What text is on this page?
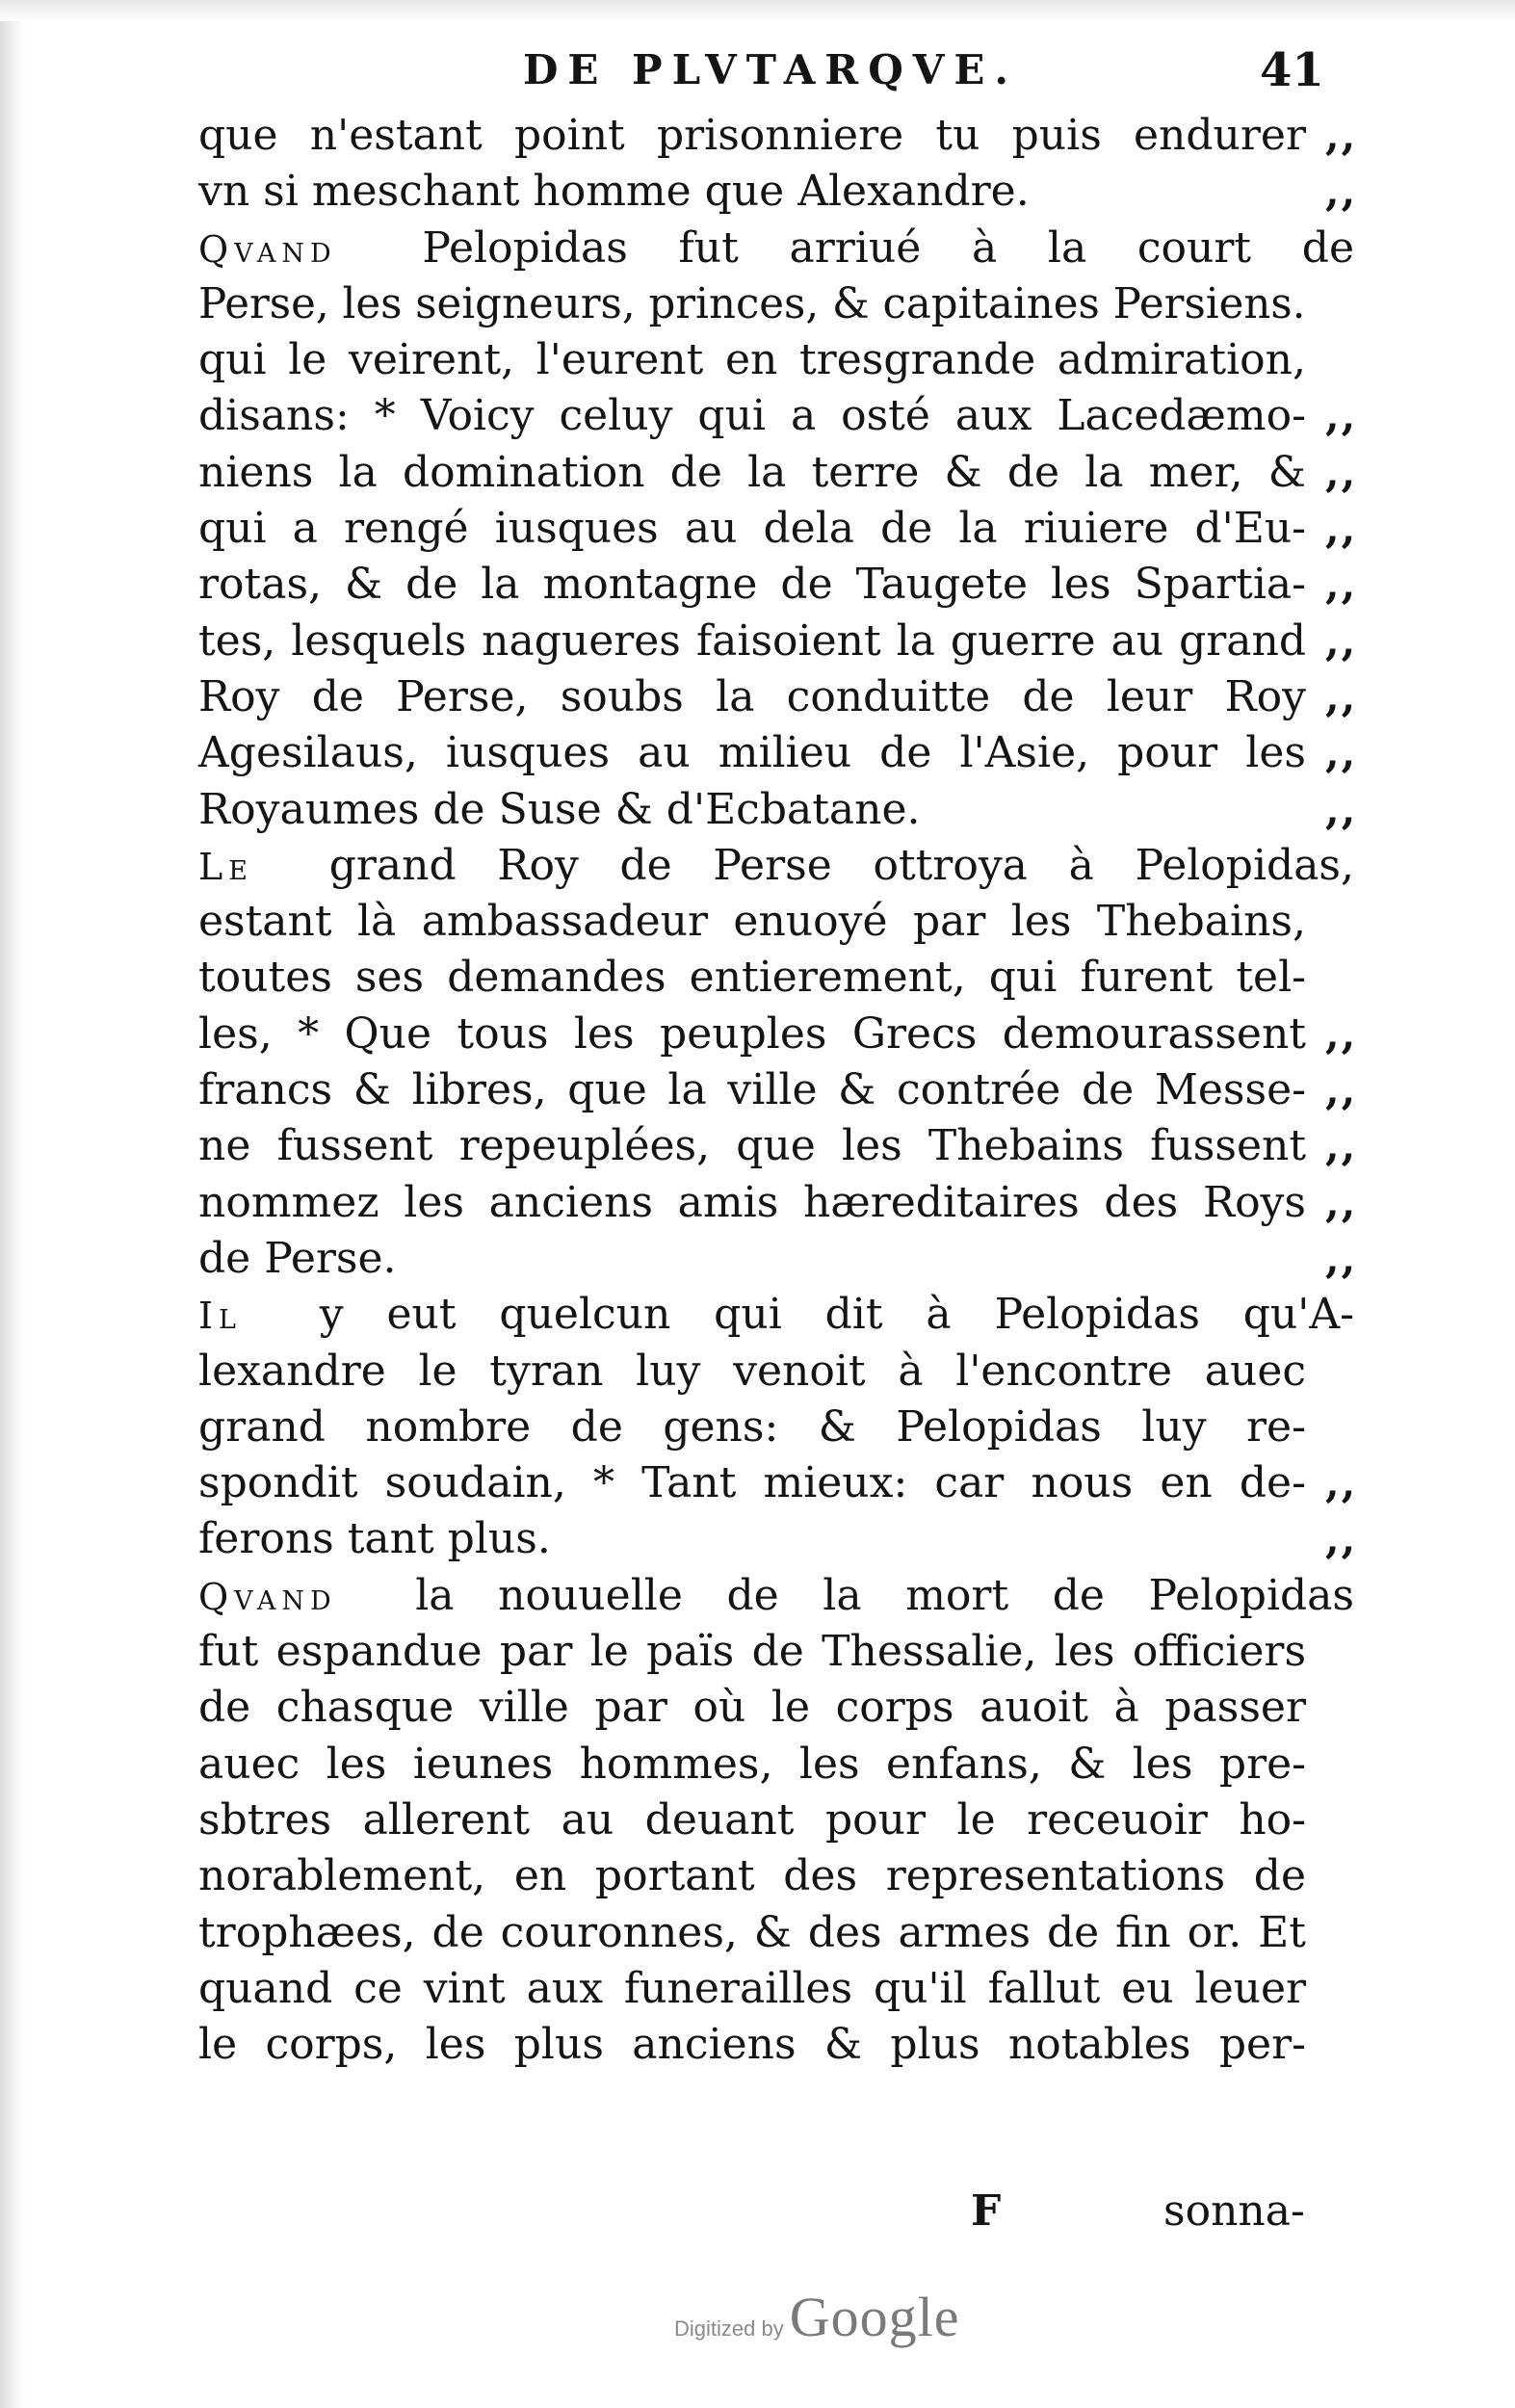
DE PLVTARQVE.	41
que n'estant point prisonniere tu puis endurer ,,
vn si meschant homme que Alexandre.	,,
Qvand Pelopidas fut arriué à la court de
Perse, les seigneurs, princes, & capitaines Persiens.
qui le veirent, l'eurent en tresgrande admiration,
disans: * Voicy celuy qui a osté aux Lacedæmo- ,,
niens la domination de la terre & de la mer, & ,,
qui a rengé iusques au dela de la riuiere d'Eu- ,,
rotas, & de la montagne de Taugete les Spartia- ,,
tes, lesquels nagueres faisoient la guerre au grand ,,
Roy de Perse, soubs la conduitte de leur Roy ,,
Agesilaus, iusques au milieu de l'Asie, pour les ,,
Royaumes de Suse & d'Ecbatane.	,,
Le grand Roy de Perse ottroya à Pelopidas,
estant là ambassadeur enuoyé par les Thebains,
toutes ses demandes entierement, qui furent tel-
les, * Que tous les peuples Grecs demourassent ,,
francs & libres, que la ville & contrée de Messe- ,,
ne fussent repeuplées, que les Thebains fussent ,,
nommez les anciens amis hæreditaires des Roys ,,
de Perse.	,,
Il y eut quelcun qui dit à Pelopidas qu'A-
lexandre le tyran luy venoit à l'encontre auec
grand nombre de gens: & Pelopidas luy re-
spondit soudain, * Tant mieux: car nous en de- ,,
ferons tant plus.	,,
Qvand la nouuelle de la mort de Pelopidas
fut espandue par le païs de Thessalie, les officiers
de chasque ville par où le corps auoit à passer
auec les ieunes hommes, les enfans, & les pre-
sbtres allerent au deuant pour le receuoir ho-
norablement, en portant des representations de
trophæes, de couronnes, & des armes de fin or. Et
quand ce vint aux funerailles qu'il fallut eu leuer
le corps, les plus anciens & plus notables per-
F	sonna-
Digitized by Google
